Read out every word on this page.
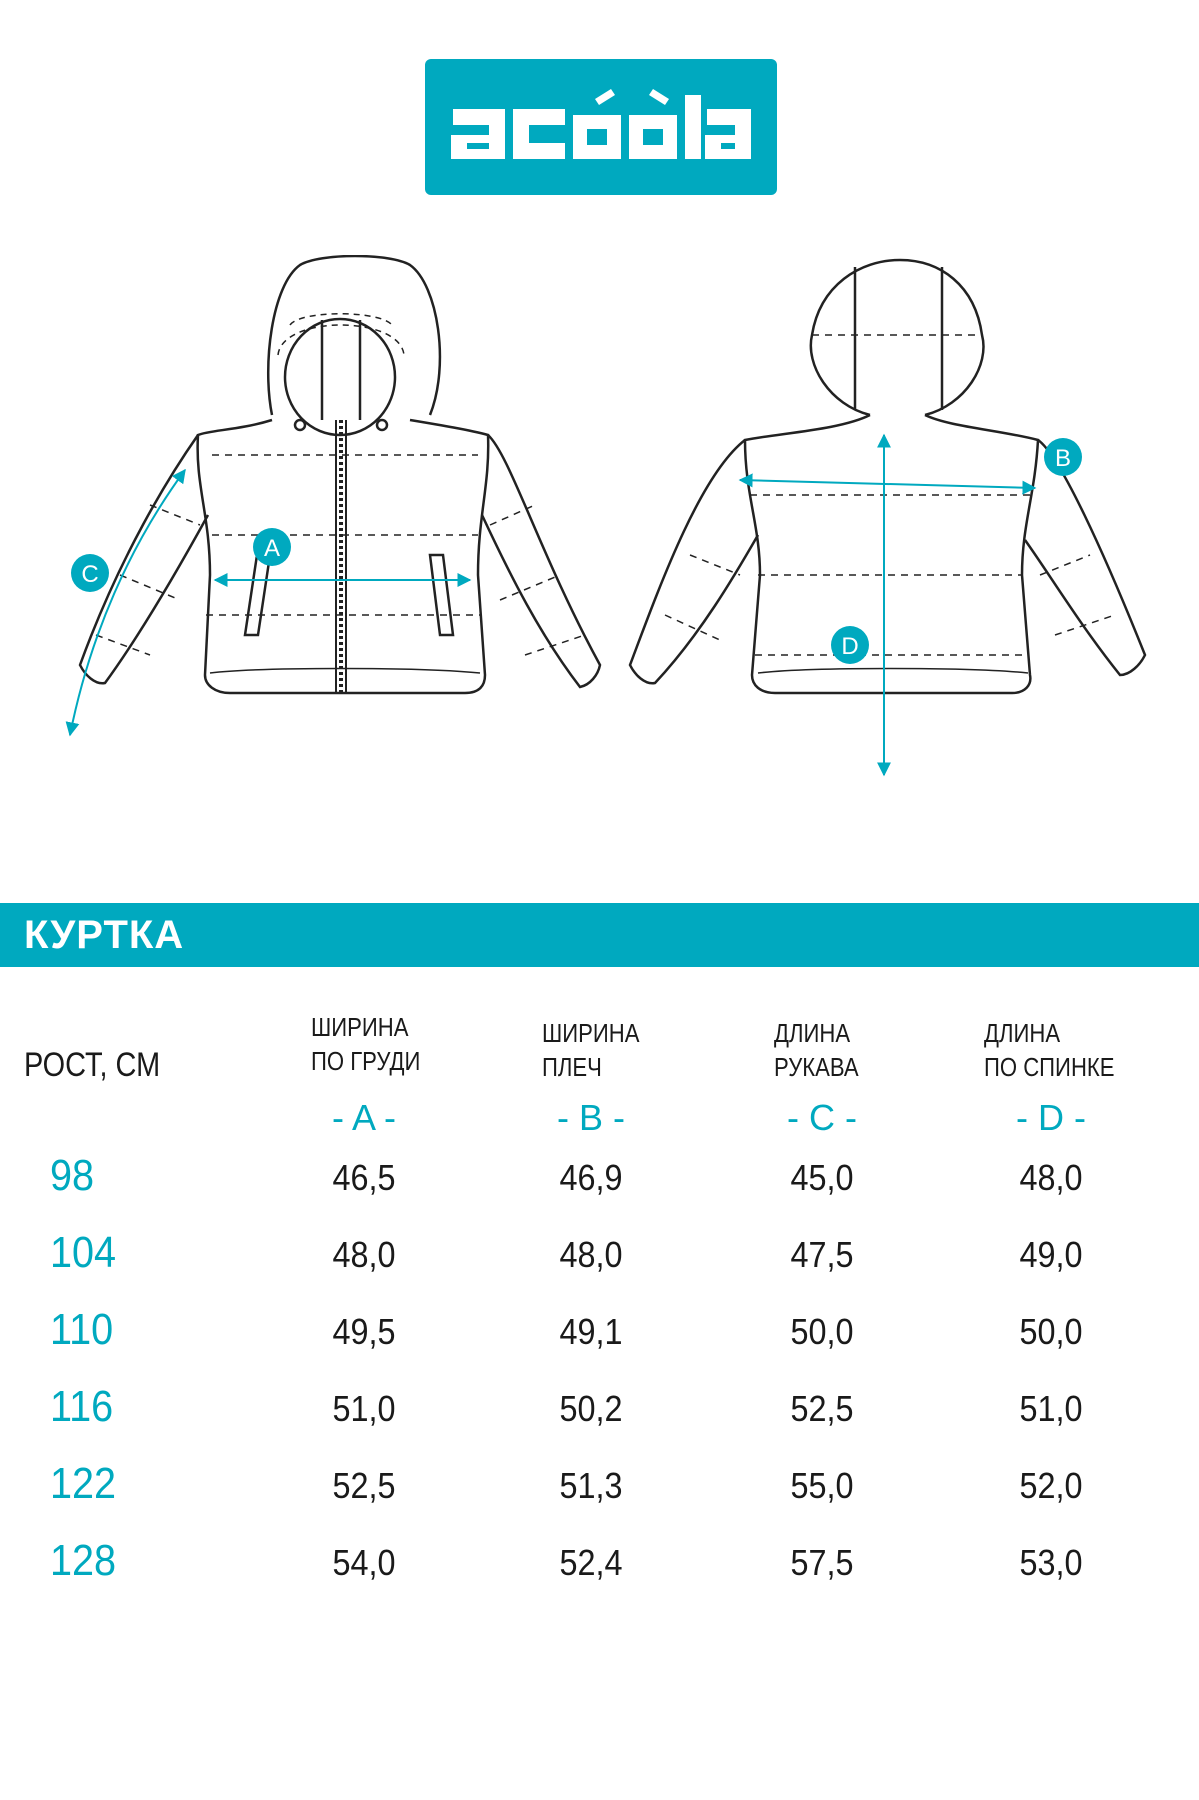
A
B
C
D
КУРТКА
РОСТ, СМ
ШИРИНА
ПО ГРУДИ
ШИРИНА
ПЛЕЧ
ДЛИНА
РУКАВА
ДЛИНА
ПО СПИНКЕ
- A -	- B -	- C -	- D -
98	46,5	46,9	45,0	48,0
104	48,0	48,0	47,5	49,0
110	49,5	49,1	50,0	50,0
116	51,0	50,2	52,5	51,0
122	52,5	51,3	55,0	52,0
128	54,0	52,4	57,5	53,0
